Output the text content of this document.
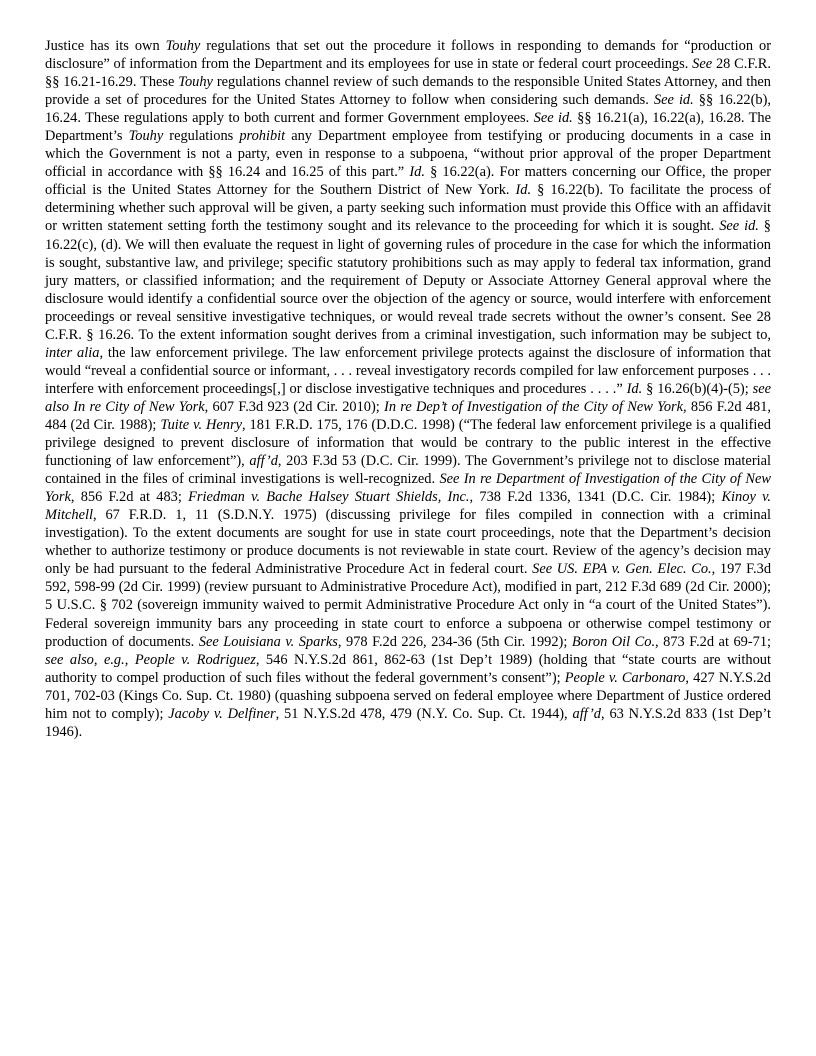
Justice has its own Touhy regulations that set out the procedure it follows in responding to demands for “production or disclosure” of information from the Department and its employees for use in state or federal court proceedings. See 28 C.F.R. §§ 16.21-16.29. These Touhy regulations channel review of such demands to the responsible United States Attorney, and then provide a set of procedures for the United States Attorney to follow when considering such demands. See id. §§ 16.22(b), 16.24. These regulations apply to both current and former Government employees. See id. §§ 16.21(a), 16.22(a), 16.28. The Department’s Touhy regulations prohibit any Department employee from testifying or producing documents in a case in which the Government is not a party, even in response to a subpoena, “without prior approval of the proper Department official in accordance with §§ 16.24 and 16.25 of this part.” Id. § 16.22(a). For matters concerning our Office, the proper official is the United States Attorney for the Southern District of New York. Id. § 16.22(b). To facilitate the process of determining whether such approval will be given, a party seeking such information must provide this Office with an affidavit or written statement setting forth the testimony sought and its relevance to the proceeding for which it is sought. See id. § 16.22(c), (d). We will then evaluate the request in light of governing rules of procedure in the case for which the information is sought, substantive law, and privilege; specific statutory prohibitions such as may apply to federal tax information, grand jury matters, or classified information; and the requirement of Deputy or Associate Attorney General approval where the disclosure would identify a confidential source over the objection of the agency or source, would interfere with enforcement proceedings or reveal sensitive investigative techniques, or would reveal trade secrets without the owner’s consent. See 28 C.F.R. § 16.26. To the extent information sought derives from a criminal investigation, such information may be subject to, inter alia, the law enforcement privilege. The law enforcement privilege protects against the disclosure of information that would “reveal a confidential source or informant, . . . reveal investigatory records compiled for law enforcement purposes . . . interfere with enforcement proceedings[,] or disclose investigative techniques and procedures . . . .” Id. § 16.26(b)(4)-(5); see also In re City of New York, 607 F.3d 923 (2d Cir. 2010); In re Dep’t of Investigation of the City of New York, 856 F.2d 481, 484 (2d Cir. 1988); Tuite v. Henry, 181 F.R.D. 175, 176 (D.D.C. 1998) (“The federal law enforcement privilege is a qualified privilege designed to prevent disclosure of information that would be contrary to the public interest in the effective functioning of law enforcement”), aff’d, 203 F.3d 53 (D.C. Cir. 1999). The Government’s privilege not to disclose material contained in the files of criminal investigations is well-recognized. See In re Department of Investigation of the City of New York, 856 F.2d at 483; Friedman v. Bache Halsey Stuart Shields, Inc., 738 F.2d 1336, 1341 (D.C. Cir. 1984); Kinoy v. Mitchell, 67 F.R.D. 1, 11 (S.D.N.Y. 1975) (discussing privilege for files compiled in connection with a criminal investigation). To the extent documents are sought for use in state court proceedings, note that the Department’s decision whether to authorize testimony or produce documents is not reviewable in state court. Review of the agency’s decision may only be had pursuant to the federal Administrative Procedure Act in federal court. See US. EPA v. Gen. Elec. Co., 197 F.3d 592, 598-99 (2d Cir. 1999) (review pursuant to Administrative Procedure Act), modified in part, 212 F.3d 689 (2d Cir. 2000); 5 U.S.C. § 702 (sovereign immunity waived to permit Administrative Procedure Act only in “a court of the United States”). Federal sovereign immunity bars any proceeding in state court to enforce a subpoena or otherwise compel testimony or production of documents. See Louisiana v. Sparks, 978 F.2d 226, 234-36 (5th Cir. 1992); Boron Oil Co., 873 F.2d at 69-71; see also, e.g., People v. Rodriguez, 546 N.Y.S.2d 861, 862-63 (1st Dep’t 1989) (holding that “state courts are without authority to compel production of such files without the federal government’s consent”); People v. Carbonaro, 427 N.Y.S.2d 701, 702-03 (Kings Co. Sup. Ct. 1980) (quashing subpoena served on federal employee where Department of Justice ordered him not to comply); Jacoby v. Delfiner, 51 N.Y.S.2d 478, 479 (N.Y. Co. Sup. Ct. 1944), aff’d, 63 N.Y.S.2d 833 (1st Dep’t 1946).
